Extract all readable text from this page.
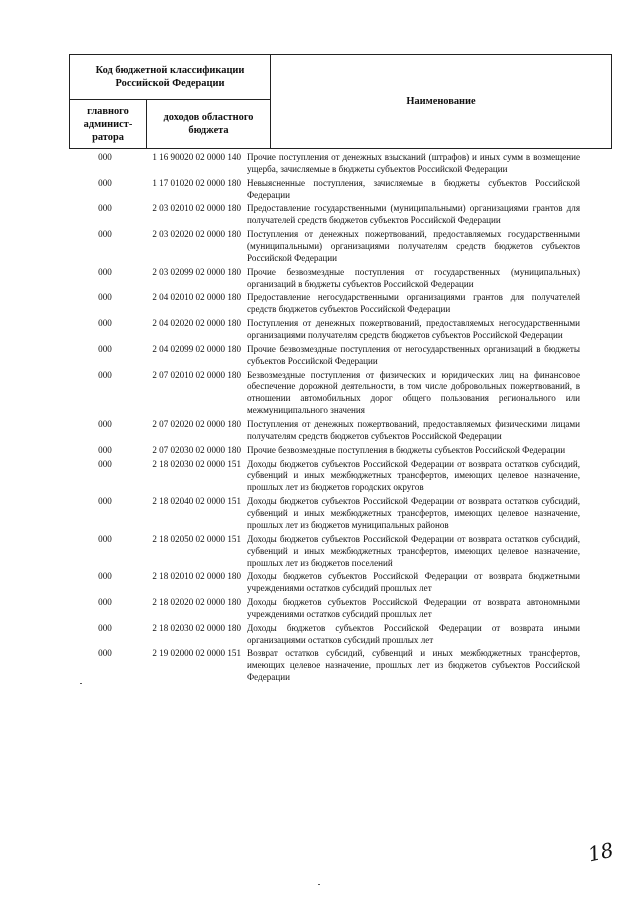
Код бюджетной классификации Российской Федерации		Наименование
главного админист- ратора	доходов областного бюджета	
000	1 16 90020 02 0000 140	Прочие поступления от денежных взысканий (штрафов) и иных сумм в возмещение ущерба, зачисляемые в бюджеты субъектов Российской Федерации
000	1 17 01020 02 0000 180	Невыясненные поступления, зачисляемые в бюджеты субъектов Российской Федерации
000	2 03 02010 02 0000 180	Предоставление государственными (муниципальными) организациями грантов для получателей средств бюджетов субъектов Российской Федерации
000	2 03 02020 02 0000 180	Поступления от денежных пожертвований, предоставляемых государственными (муниципальными) организациями получателям средств бюджетов субъектов Российской Федерации
000	2 03 02099 02 0000 180	Прочие безвозмездные поступления от государственных (муниципальных) организаций в бюджеты субъектов Российской Федерации
000	2 04 02010 02 0000 180	Предоставление негосударственными организациями грантов для получателей средств бюджетов субъектов Российской Федерации
000	2 04 02020 02 0000 180	Поступления от денежных пожертвований, предоставляемых негосударственными организациями получателям средств бюджетов субъектов Российской Федерации
000	2 04 02099 02 0000 180	Прочие безвозмездные поступления от негосударственных организаций в бюджеты субъектов Российской Федерации
000	2 07 02010 02 0000 180	Безвозмездные поступления от физических и юридических лиц на финансовое обеспечение дорожной деятельности, в том числе добровольных пожертвований, в отношении автомобильных дорог общего пользования регионального или межмуниципального значения
000	2 07 02020 02 0000 180	Поступления от денежных пожертвований, предоставляемых физическими лицами получателям средств бюджетов субъектов Российской Федерации
000	2 07 02030 02 0000 180	Прочие безвозмездные поступления в бюджеты субъектов Российской Федерации
000	2 18 02030 02 0000 151	Доходы бюджетов субъектов Российской Федерации от возврата остатков субсидий, субвенций и иных межбюджетных трансфертов, имеющих целевое назначение, прошлых лет из бюджетов городских округов
000	2 18 02040 02 0000 151	Доходы бюджетов субъектов Российской Федерации от возврата остатков субсидий, субвенций и иных межбюджетных трансфертов, имеющих целевое назначение, прошлых лет из бюджетов муниципальных районов
000	2 18 02050 02 0000 151	Доходы бюджетов субъектов Российской Федерации от возврата остатков субсидий, субвенций и иных межбюджетных трансфертов, имеющих целевое назначение, прошлых лет из бюджетов поселений
000	2 18 02010 02 0000 180	Доходы бюджетов субъектов Российской Федерации от возврата бюджетными учреждениями остатков субсидий прошлых лет
000	2 18 02020 02 0000 180	Доходы бюджетов субъектов Российской Федерации от возврата автономными учреждениями остатков субсидий прошлых лет
000	2 18 02030 02 0000 180	Доходы бюджетов субъектов Российской Федерации от возврата иными организациями остатков субсидий прошлых лет
000	2 19 02000 02 0000 151	Возврат остатков субсидий, субвенций и иных межбюджетных трансфертов, имеющих целевое назначение, прошлых лет из бюджетов субъектов Российской Федерации
18
